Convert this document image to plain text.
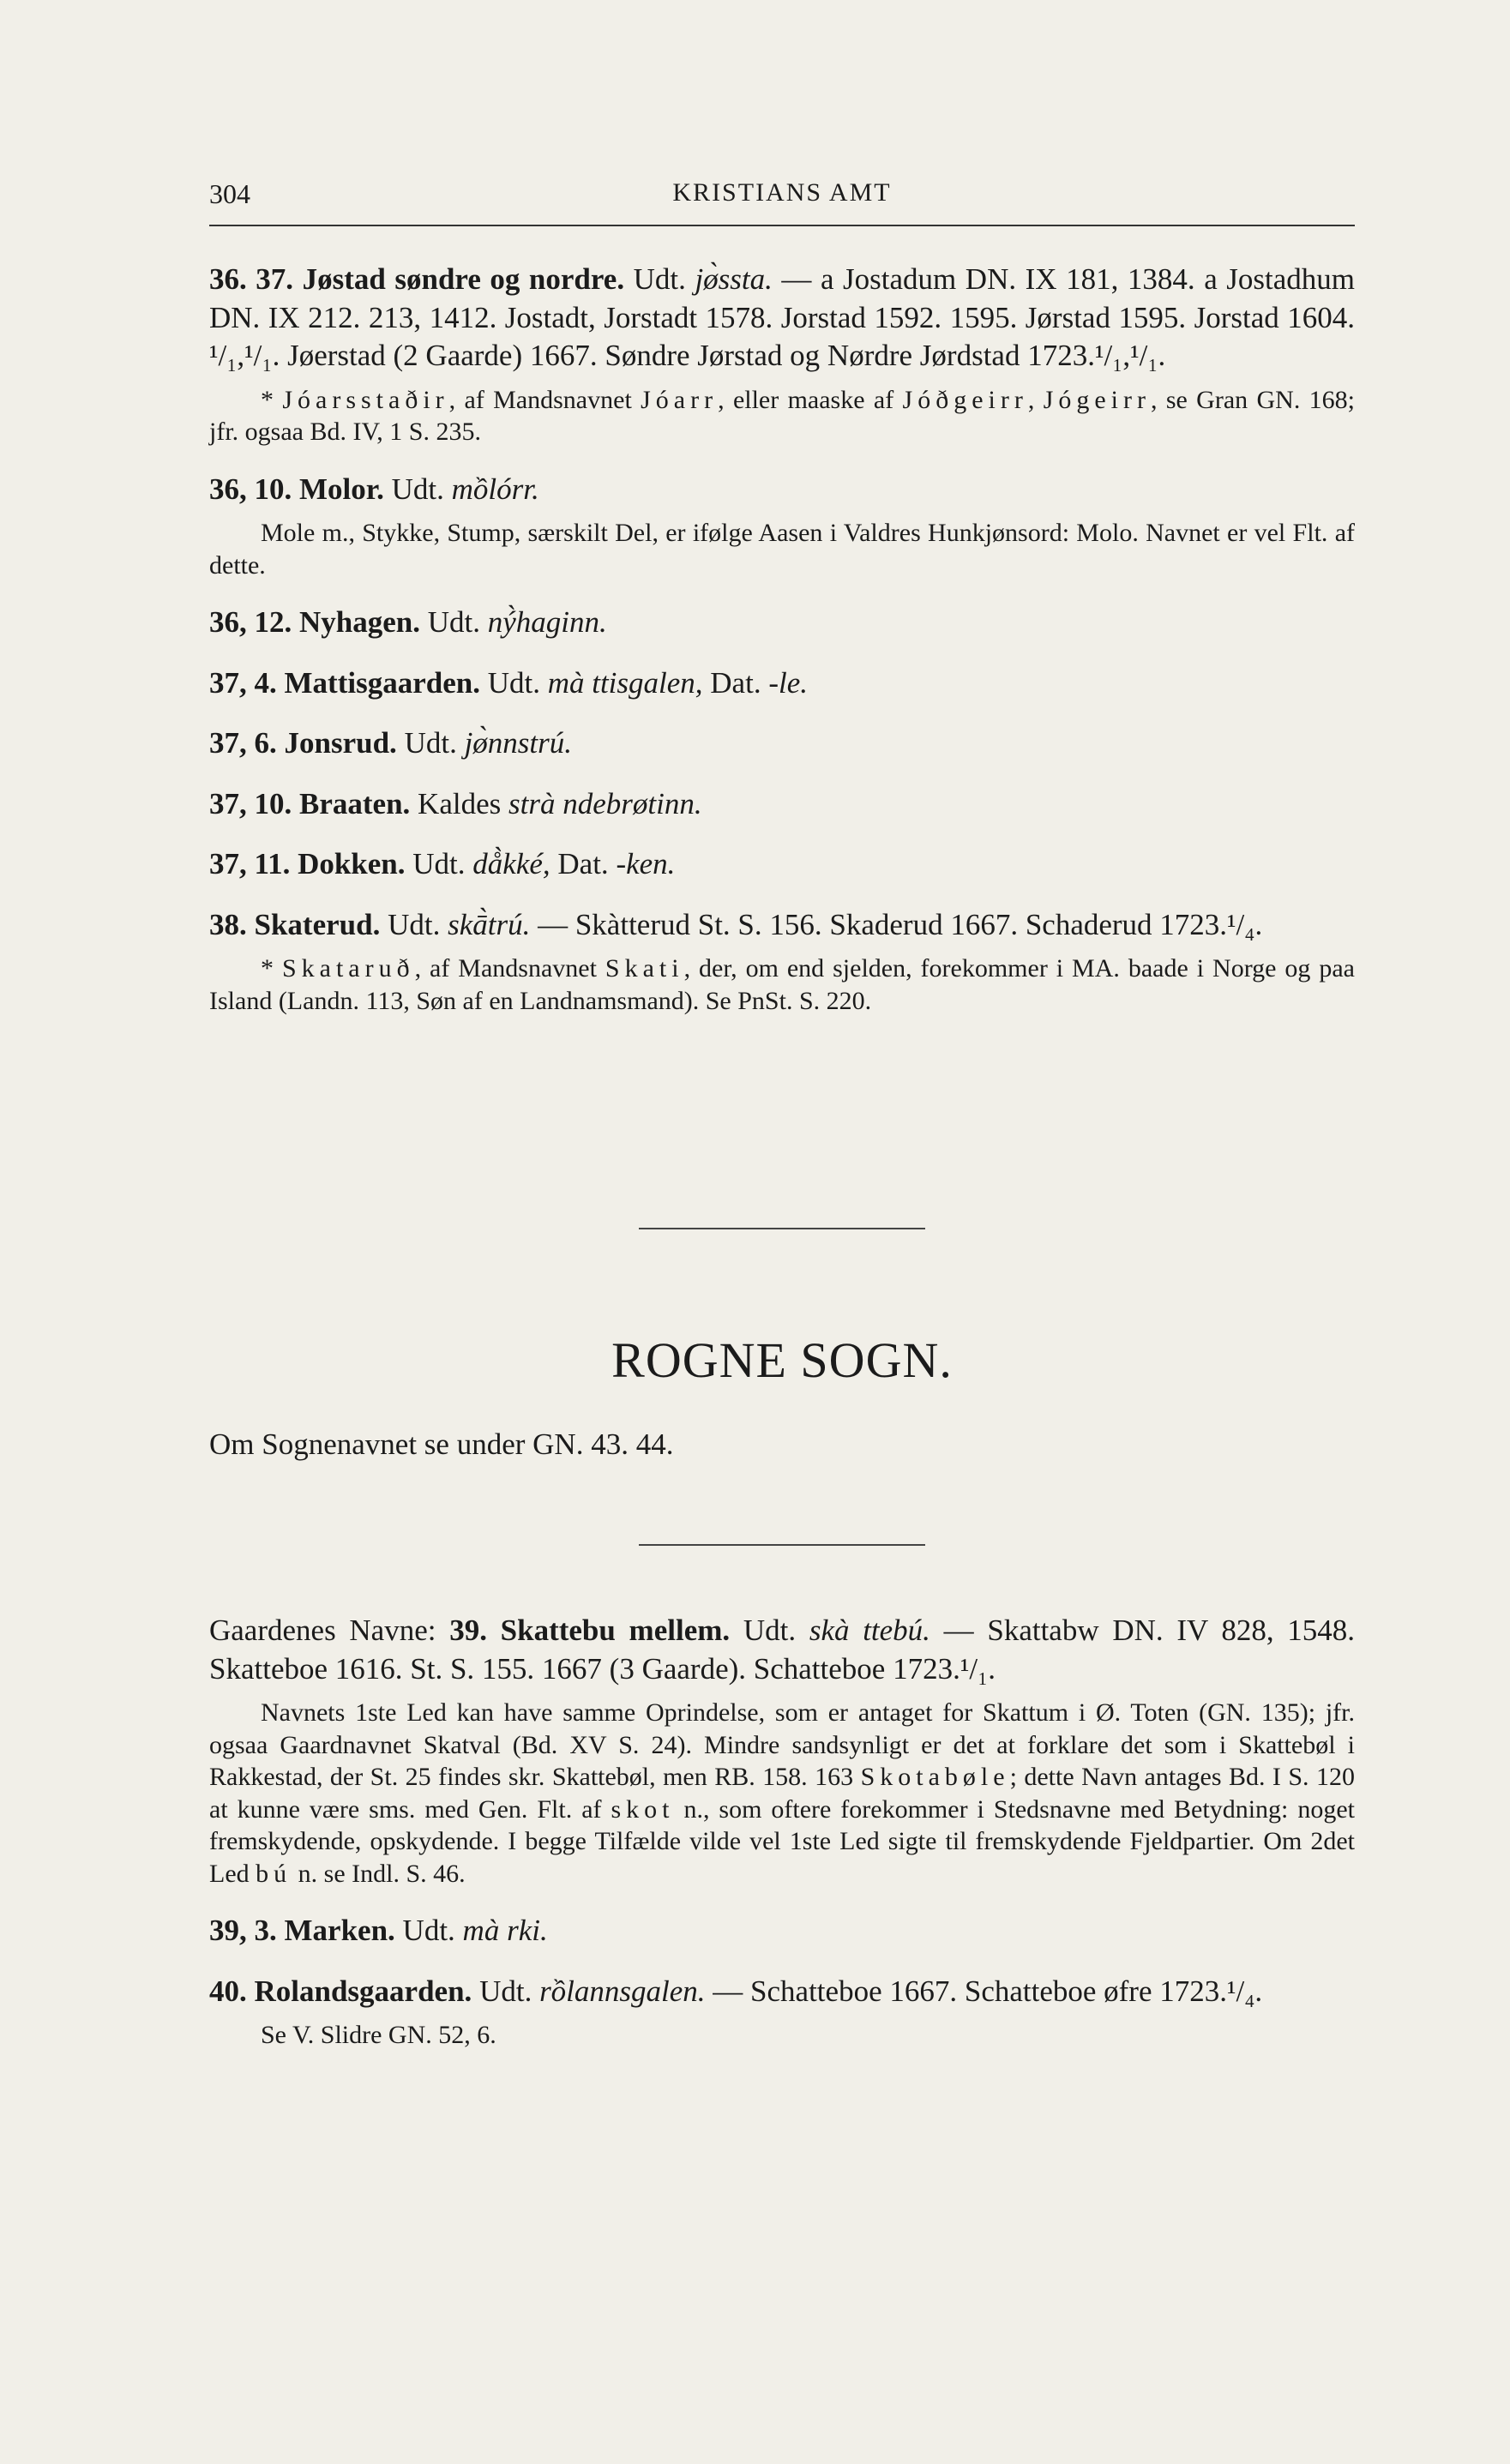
304	KRISTIANS AMT

36. 37. Jøstad søndre og nordre. Udt. jø̀ssta. — a Jostadum DN. IX 181, 1384. a Jostadhum DN. IX 212. 213, 1412. Jostadt, Jorstadt 1578. Jorstad 1592. 1595. Jørstad 1595. Jorstad 1604. ¹/₁,¹/₁. Jøerstad (2 Gaarde) 1667. Søndre Jørstad og Nørdre Jørdstad 1723.¹/₁,¹/₁.

* Jóarsstaðir, af Mandsnavnet Jóarr, eller maaske af Jóðgeirr, Jógeirr, se Gran GN. 168; jfr. ogsaa Bd. IV, 1 S. 235.

36, 10. Molor. Udt. mồlórr.

Mole m., Stykke, Stump, særskilt Del, er ifølge Aasen i Valdres Hunkjønsord: Molo. Navnet er vel Flt. af dette.

36, 12. Nyhagen. Udt. ný̀haginn.

37, 4. Mattisgaarden. Udt. mà ttisgalen, Dat. -le.

37, 6. Jonsrud. Udt. jø̀nnstrú.

37, 10. Braaten. Kaldes strà ndebrøtinn.

37, 11. Dokken. Udt. då̀kké, Dat. -ken.

38. Skaterud. Udt. skā̀trú. — Skàtterud St. S. 156. Skaderud 1667. Schaderud 1723.¹/₄.

* Skataruð, af Mandsnavnet Skati, der, om end sjelden, forekommer i MA. baade i Norge og paa Island (Landn. 113, Søn af en Landnamsmand). Se PnSt. S. 220.

ROGNE SOGN.
Om Sognenavnet se under GN. 43. 44.

Gaardenes Navne: 39. Skattebu mellem. Udt. skà ttebú. — Skattabw DN. IV 828, 1548. Skatteboe 1616. St. S. 155. 1667 (3 Gaarde). Schatteboe 1723.¹/₁.

Navnets 1ste Led kan have samme Oprindelse, som er antaget for Skattum i Ø. Toten (GN. 135); jfr. ogsaa Gaardnavnet Skatval (Bd. XV S. 24). Mindre sandsynligt er det at forklare det som i Skattebøl i Rakkestad, der St. 25 findes skr. Skattebøl, men RB. 158. 163 Skotabøle; dette Navn antages Bd. I S. 120 at kunne være sms. med Gen. Flt. af skot n., som oftere forekommer i Stedsnavne med Betydning: noget fremskydende, opskydende. I begge Tilfælde vilde vel 1ste Led sigte til fremskydende Fjeldpartier. Om 2det Led bú n. se Indl. S. 46.

39, 3. Marken. Udt. mà rki.

40. Rolandsgaarden. Udt. rồlannsgalen. — Schatteboe 1667. Schatteboe øfre 1723.¹/₄.

Se V. Slidre GN. 52, 6.
